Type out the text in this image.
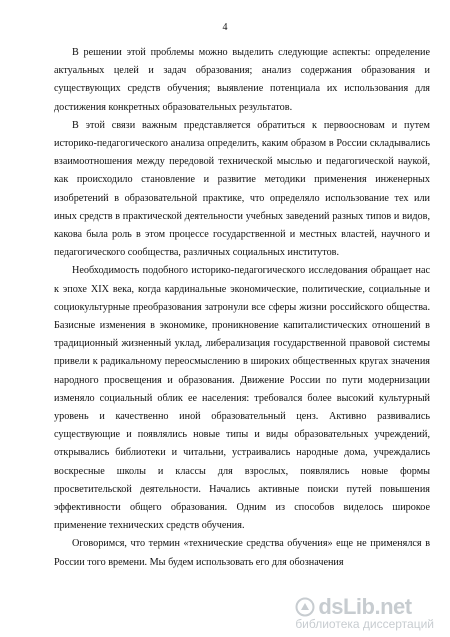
4

В решении этой проблемы можно выделить следующие аспекты: определение актуальных целей и задач образования; анализ содержания образования и существующих средств обучения; выявление потенциала их использования для достижения конкретных образовательных результатов.

В этой связи важным представляется обратиться к первоосновам и путем историко-педагогического анализа определить, каким образом в России складывались взаимоотношения между передовой технической мыслью и педагогической наукой, как происходило становление и развитие методики применения инженерных изобретений в образовательной практике, что определяло использование тех или иных средств в практической деятельности учебных заведений разных типов и видов, какова была роль в этом процессе государственной и местных властей, научного и педагогического сообщества, различных социальных институтов.

Необходимость подобного историко-педагогического исследования обращает нас к эпохе XIX века, когда кардинальные экономические, политические, социальные и социокультурные преобразования затронули все сферы жизни российского общества. Базисные изменения в экономике, проникновение капиталистических отношений в традиционный жизненный уклад, либерализация государственной правовой системы привели к радикальному переосмыслению в широких общественных кругах значения народного просвещения и образования. Движение России по пути модернизации изменяло социальный облик ее населения: требовался более высокий культурный уровень и качественно иной образовательный ценз. Активно развивались существующие и появлялись новые типы и виды образовательных учреждений, открывались библиотеки и читальни, устраивались народные дома, учреждались воскресные школы и классы для взрослых, появлялись новые формы просветительской деятельности. Начались активные поиски путей повышения эффективности общего образования. Одним из способов виделось широкое применение технических средств обучения.

Оговоримся, что термин «технические средства обучения» еще не применялся в России того времени. Мы будем использовать его для обозначения

dsLib.net
библиотека диссертаций
